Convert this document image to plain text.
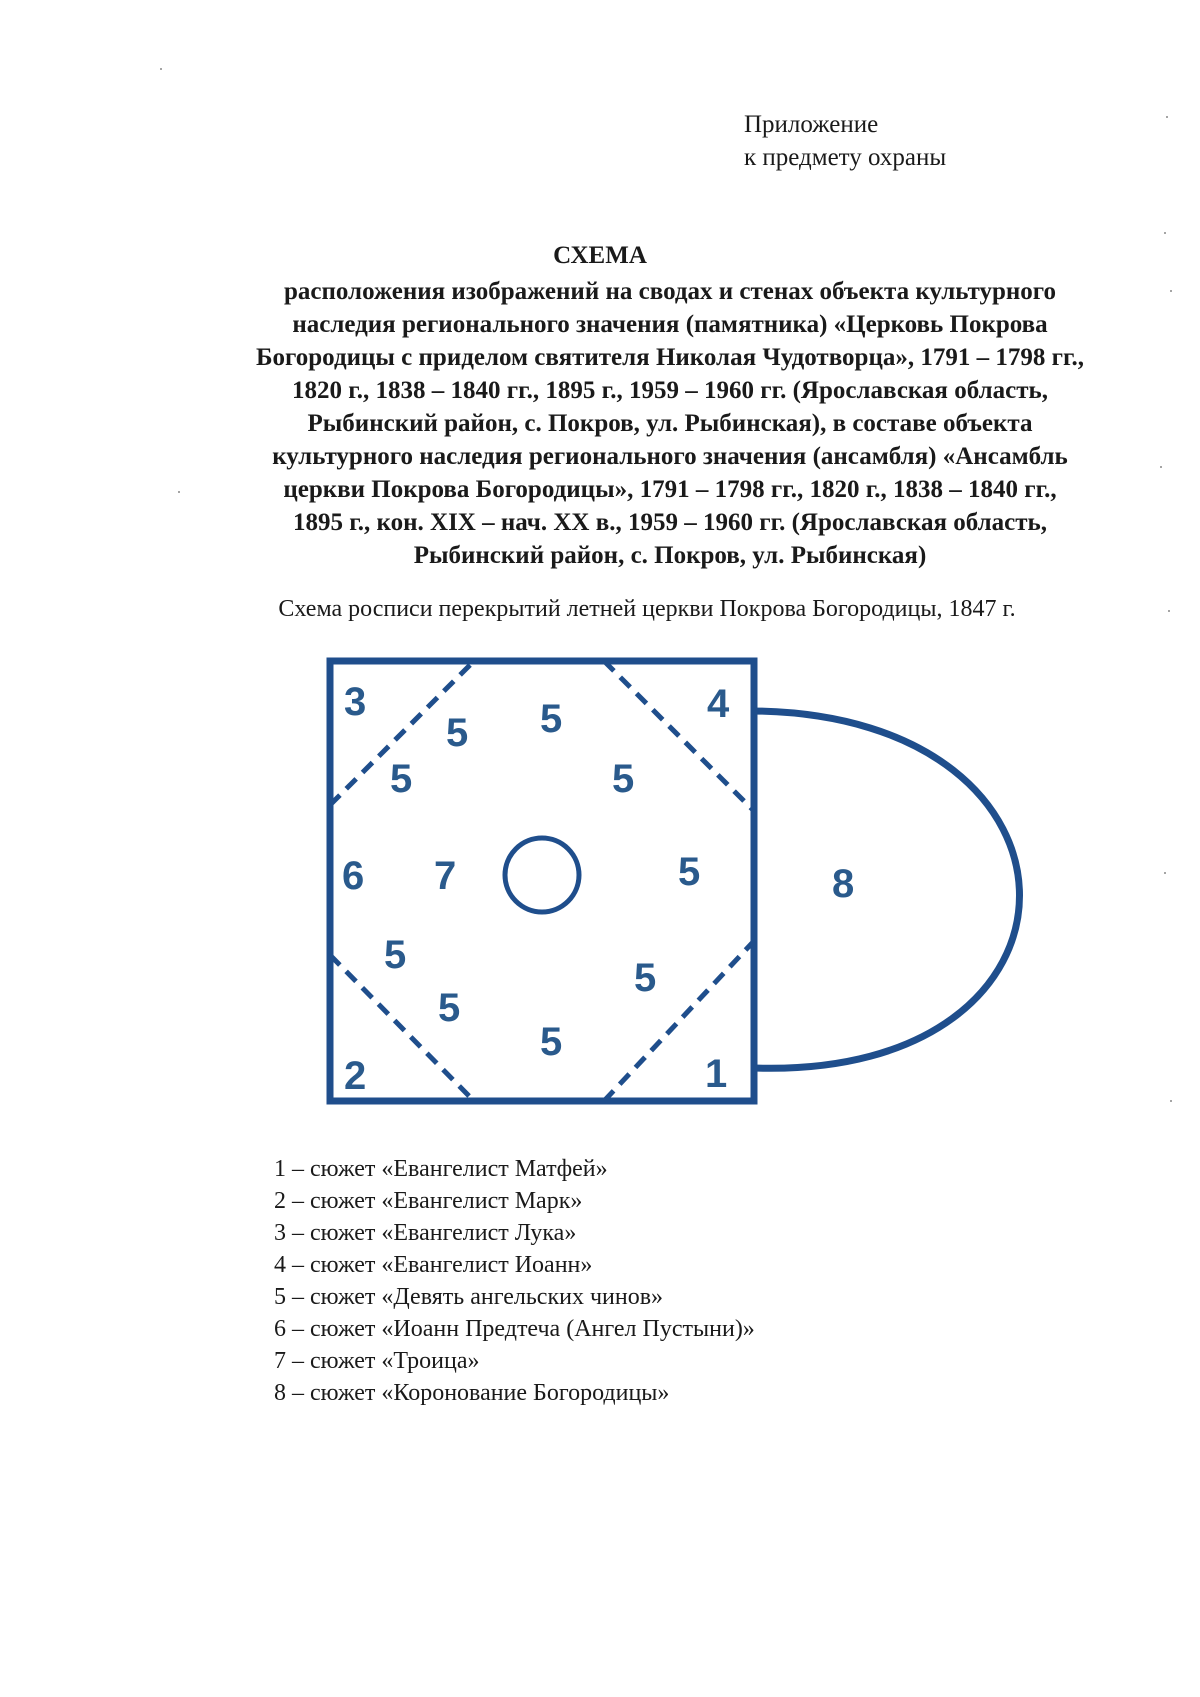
Приложение
к предмету охраны
СХЕМА
расположения изображений на сводах и стенах объекта культурного
наследия регионального значения (памятника) «Церковь Покрова
Богородицы с приделом святителя Николая Чудотворца», 1791 – 1798 гг.,
1820 г., 1838 – 1840 гг., 1895 г., 1959 – 1960 гг. (Ярославская область,
Рыбинский район, с. Покров, ул. Рыбинская), в составе объекта
культурного наследия регионального значения (ансамбля) «Ансамбль
церкви Покрова Богородицы», 1791 – 1798 гг., 1820 г., 1838 – 1840 гг.,
1895 г., кон. XIX – нач. XX в., 1959 – 1960 гг. (Ярославская область,
Рыбинский район, с. Покров, ул. Рыбинская)
Схема росписи перекрытий летней церкви Покрова Богородицы, 1847 г.
3	4
5 5
5	5
6 7	5	8
5
5
5
5
2	1
1 – сюжет «Евангелист Матфей»
2 – сюжет «Евангелист Марк»
3 – сюжет «Евангелист Лука»
4 – сюжет «Евангелист Иоанн»
5 – сюжет «Девять ангельских чинов»
6 – сюжет «Иоанн Предтеча (Ангел Пустыни)»
7 – сюжет «Троица»
8 – сюжет «Коронование Богородицы»
